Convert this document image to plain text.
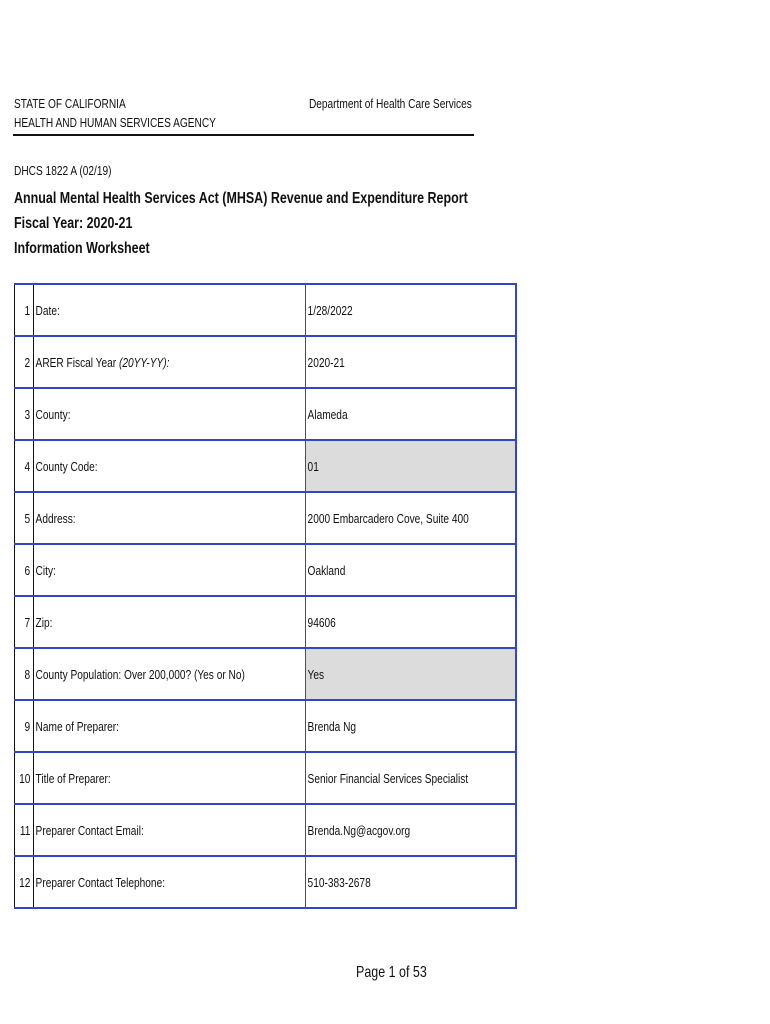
STATE OF CALIFORNIA
HEALTH AND HUMAN SERVICES AGENCY
Department of Health Care Services
DHCS 1822 A (02/19)
Annual Mental Health Services Act (MHSA) Revenue and Expenditure Report
Fiscal Year: 2020-21
Information Worksheet
1	Date:	1/28/2022
2	ARER Fiscal Year (20YY-YY):	2020-21
3	County:	Alameda
4	County Code:	01
5	Address:	2000 Embarcadero Cove, Suite 400
6	City:	Oakland
7	Zip:	94606
8	County Population: Over 200,000? (Yes or No)	Yes
9	Name of Preparer:	Brenda Ng
10	Title of Preparer:	Senior Financial Services Specialist
11	Preparer Contact Email:	Brenda.Ng@acgov.org
12	Preparer Contact Telephone:	510-383-2678
Page 1 of 53
